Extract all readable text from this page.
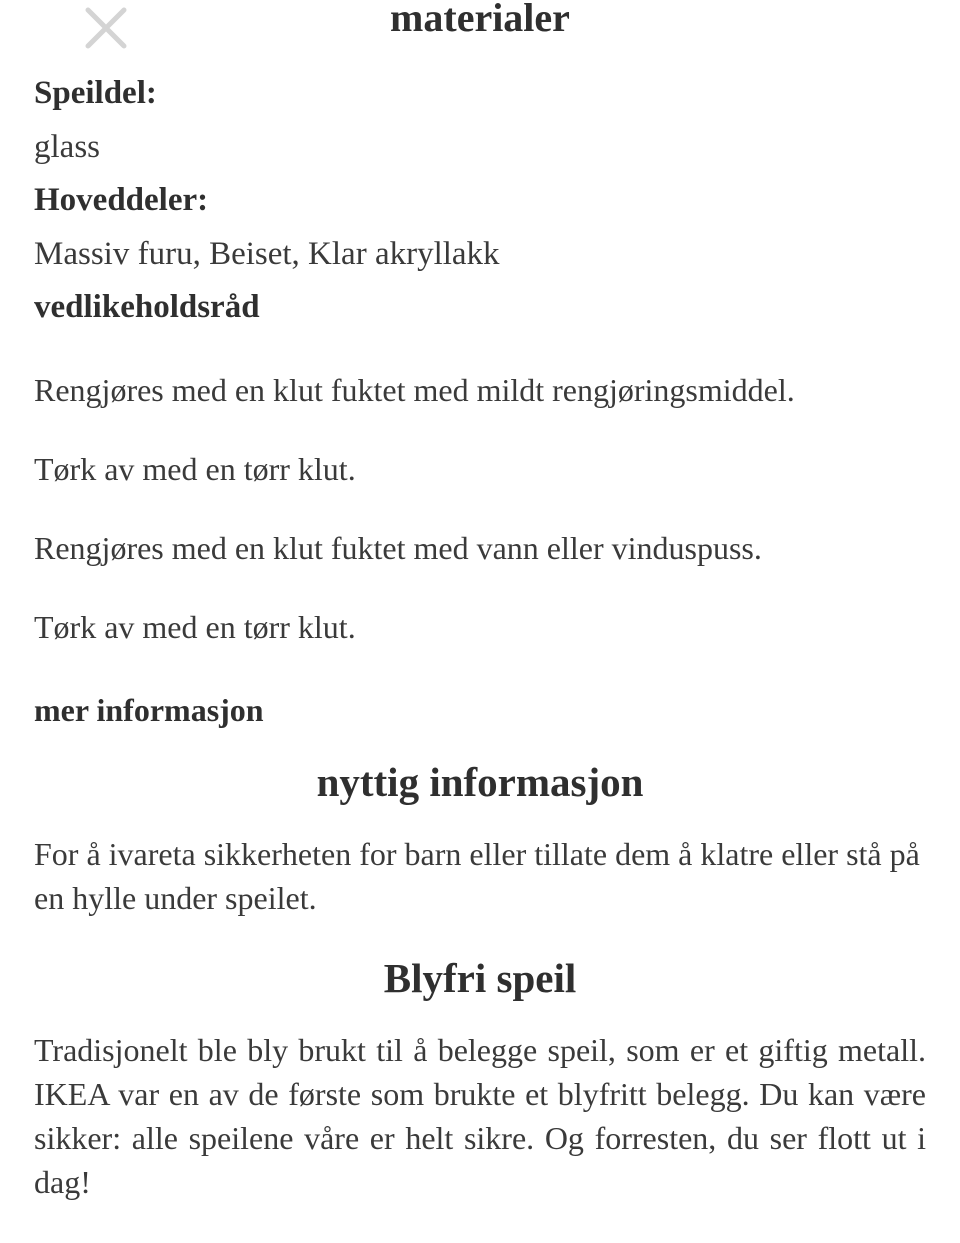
materialer

Speildel:

glass

Hoveddeler:

Massiv furu, Beiset, Klar akryllakk

vedlikeholdsråd

Rengjøres med en klut fuktet med mildt rengjøringsmiddel.

Tørk av med en tørr klut.

Rengjøres med en klut fuktet med vann eller vinduspuss.

Tørk av med en tørr klut.

mer informasjon

nyttig informasjon

For å ivareta sikkerheten for barn eller tillate dem å klatre eller stå på en hylle under speilet.

Blyfri speil

Tradisjonelt ble bly brukt til å belegge speil, som er et giftig metall. IKEA var en av de første som brukte et blyfritt belegg. Du kan være sikker: alle speilene våre er helt sikre. Og forresten, du ser flott ut i dag!
